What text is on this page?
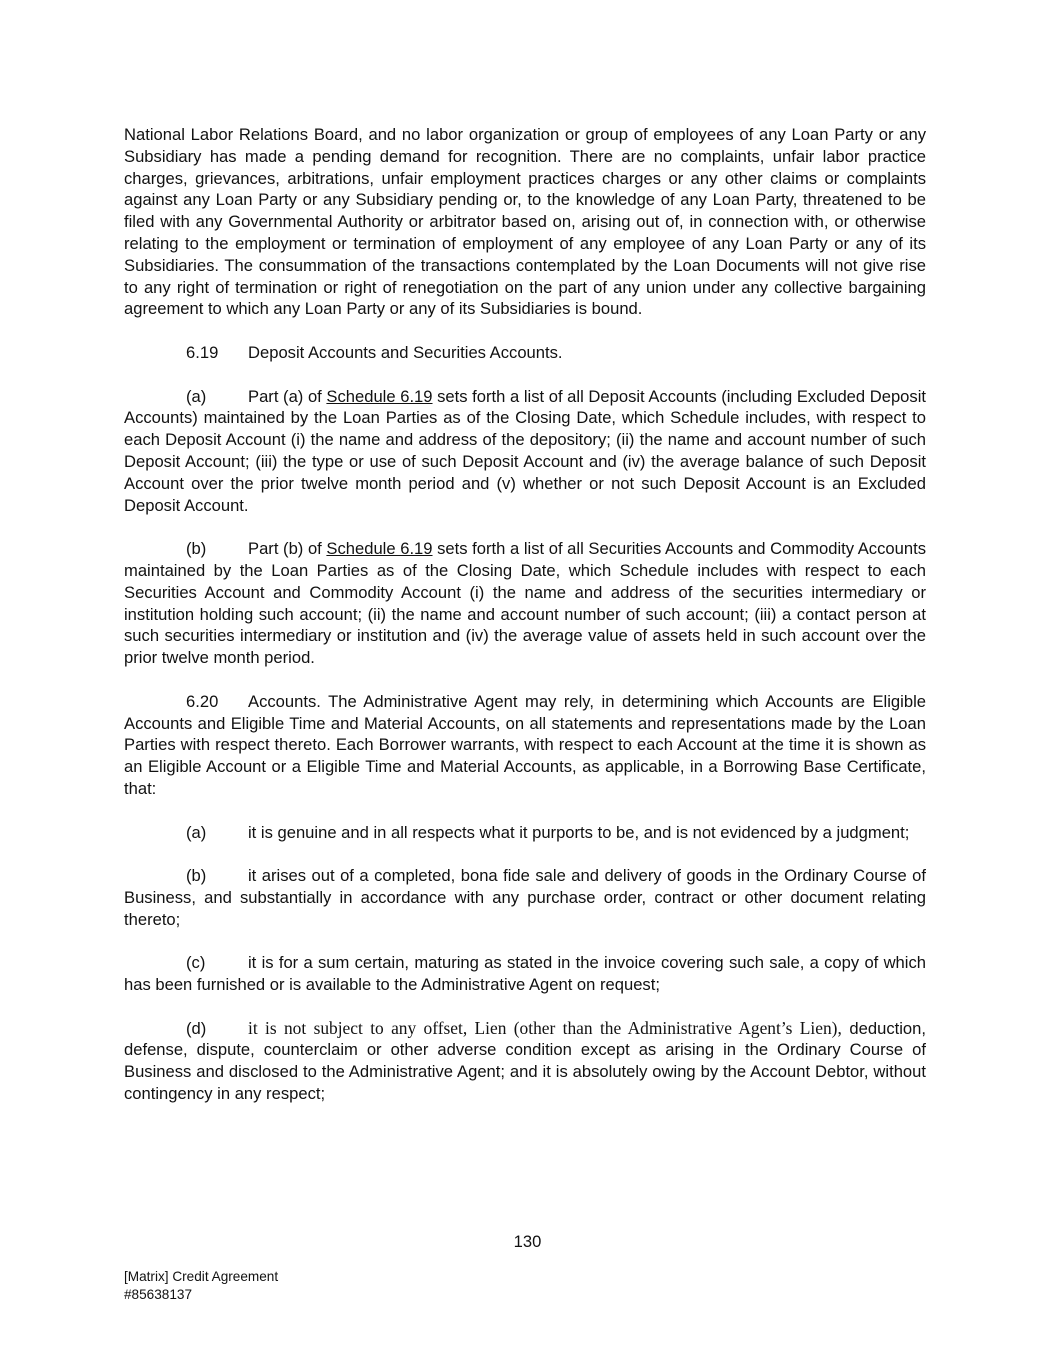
National Labor Relations Board, and no labor organization or group of employees of any Loan Party or any Subsidiary has made a pending demand for recognition. There are no complaints, unfair labor practice charges, grievances, arbitrations, unfair employment practices charges or any other claims or complaints against any Loan Party or any Subsidiary pending or, to the knowledge of any Loan Party, threatened to be filed with any Governmental Authority or arbitrator based on, arising out of, in connection with, or otherwise relating to the employment or termination of employment of any employee of any Loan Party or any of its Subsidiaries. The consummation of the transactions contemplated by the Loan Documents will not give rise to any right of termination or right of renegotiation on the part of any union under any collective bargaining agreement to which any Loan Party or any of its Subsidiaries is bound.

6.19 Deposit Accounts and Securities Accounts.

(a)	Part (a) of Schedule 6.19 sets forth a list of all Deposit Accounts (including Excluded Deposit Accounts) maintained by the Loan Parties as of the Closing Date, which Schedule includes, with respect to each Deposit Account (i) the name and address of the depository; (ii) the name and account number of such Deposit Account; (iii) the type or use of such Deposit Account and (iv) the average balance of such Deposit Account over the prior twelve month period and (v) whether or not such Deposit Account is an Excluded Deposit Account.

(b)	Part (b) of Schedule 6.19 sets forth a list of all Securities Accounts and Commodity Accounts maintained by the Loan Parties as of the Closing Date, which Schedule includes with respect to each Securities Account and Commodity Account (i) the name and address of the securities intermediary or institution holding such account; (ii) the name and account number of such account; (iii) a contact person at such securities intermediary or institution and (iv) the average value of assets held in such account over the prior twelve month period.

6.20 Accounts. The Administrative Agent may rely, in determining which Accounts are Eligible Accounts and Eligible Time and Material Accounts, on all statements and representations made by the Loan Parties with respect thereto. Each Borrower warrants, with respect to each Account at the time it is shown as an Eligible Account or a Eligible Time and Material Accounts, as applicable, in a Borrowing Base Certificate, that:

(a)	it is genuine and in all respects what it purports to be, and is not evidenced by a judgment;

(b)	it arises out of a completed, bona fide sale and delivery of goods in the Ordinary Course of Business, and substantially in accordance with any purchase order, contract or other document relating thereto;

(c)	it is for a sum certain, maturing as stated in the invoice covering such sale, a copy of which has been furnished or is available to the Administrative Agent on request;

(d) it is not subject to any offset, Lien (other than the Administrative Agent’s Lien), deduction, defense, dispute, counterclaim or other adverse condition except as arising in the Ordinary Course of Business and disclosed to the Administrative Agent; and it is absolutely owing by the Account Debtor, without contingency in any respect;

130
[Matrix] Credit Agreement
#85638137
